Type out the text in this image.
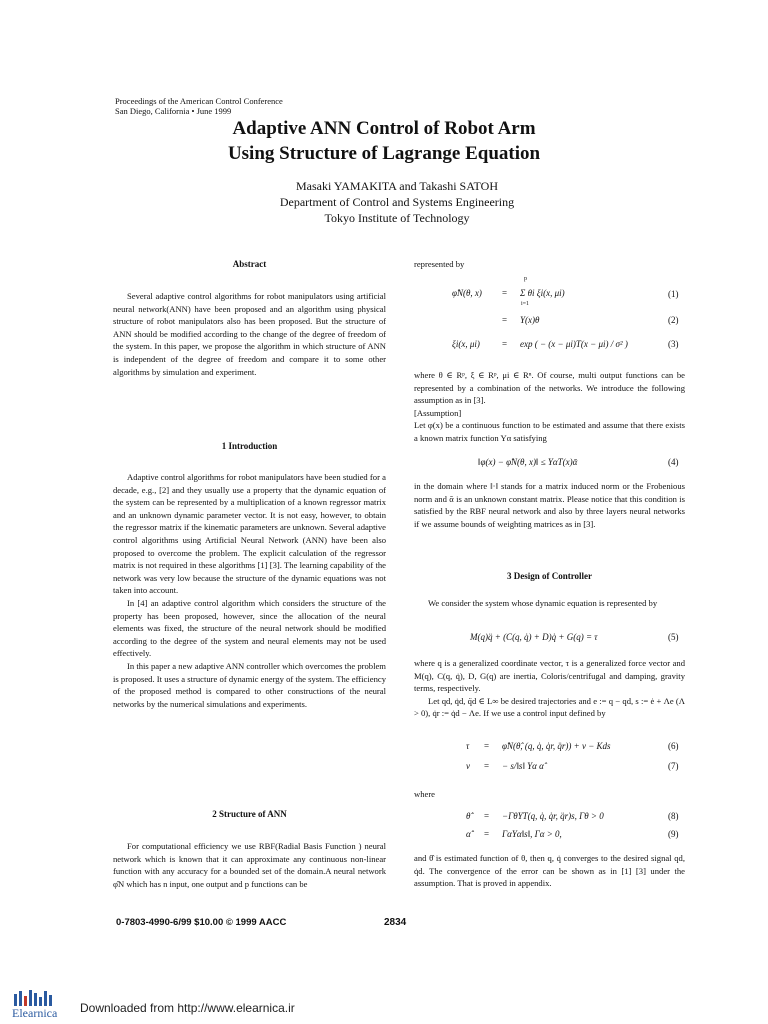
Proceedings of the American Control Conference
San Diego, California • June 1999
Adaptive ANN Control of Robot Arm
Using Structure of Lagrange Equation
Masaki YAMAKITA and Takashi SATOH
Department of Control and Systems Engineering
Tokyo Institute of Technology
Abstract

Several adaptive control algorithms for robot manipulators using artificial neural network(ANN) have been proposed and an algorithm using physical structure of robot manipulators also has been proposed. But the structure of ANN should be modified according to the change of the degree of freedom of the system. In this paper, we propose the algorithm in which structure of ANN is independent of the degree of freedom and compare it to some other algorithms by simulation and experiment.

1 Introduction

Adaptive control algorithms for robot manipulators have been studied for a decade, e.g., [2] and they usually use a property that the dynamic equation of the system can be represented by a multiplication of a known regressor matrix and an unknown dynamic parameter vector. It is not easy, however, to obtain the regressor matrix if the kinematic parameters are unknown. Several adaptive control algorithms using Artificial Neural Network (ANN) have been also proposed to overcome the problem. The explicit calculation of the regressor matrix is not required in these algorithms [1] [3]. The learning capability of the network was very low because the structure of the dynamic equations was not taken into account.

In [4] an adaptive control algorithm which considers the structure of the property has been proposed, however, since the allocation of the neural elements was fixed, the structure of the neural network should be modified according to the degree of the system and neural elements may not be used effectively.

In this paper a new adaptive ANN controller which overcomes the problem is proposed. It uses a structure of dynamic energy of the system. The efficiency of the proposed method is compared to other constructions of the neural networks by the numerical simulations and experiments.

2 Structure of ANN

For computational efficiency we use RBF(Radial Basis Function ) neural network which is known that it can approximate any continuous non-linear function with any accuracy for a bounded set of the domain.A neural network φ̂N which has n input, one output and p functions can be

represented by
φ̂N(θ, x) =
p
i=1
Σ θi ξi(x, μi)	(1)
= Y(x)θ	(2)
ξi(x, μi) = exp ( − (x − μi)T(x − μi) / σ² )	(3)

where θ ∈ Rᵖ, ξ ∈ Rᵖ, μi ∈ Rⁿ. Of course, multi output functions can be represented by a combination of the networks. We introduce the following assumption as in [3].

[Assumption]

Let φ(x) be a continuous function to be estimated and assume that there exists a known matrix function Yα satisfying

‖φ(x) − φ̂N(θ, x)‖ ≤ YαT(x)ᾱ	(4)

in the domain where ‖·‖ stands for a matrix induced norm or the Frobenious norm and ᾱ is an unknown constant matrix. Please notice that this condition is satisfied by the RBF neural network and also by three layers neural networks if we assume bounds of weighting matrices as in [3].

3 Design of Controller

We consider the system whose dynamic equation is represented by

M(q)q̈ + (C(q, q̇) + D)q̇ + G(q) = τ	(5)

where q is a generalized coordinate vector, τ is a generalized force vector and M(q), C(q, q̇), D, G(q) are inertia, Coloris/centrifugal and damping, gravity terms, respectively.

Let qd, q̇d, q̈d ∈ L∞ be desired trajectories and e := q − qd, s := ė + Λe (Λ > 0), q̇r := q̇d − Λe. If we use a control input defined by

τ = φ̂N(θ̂, (q, q̇, q̇r, q̈r)) + v − Kds	(6)
v = − s/‖s‖ Yα α̂	(7)
where
θ̂̇ = −ΓθYT(q, q̇, q̇r, q̈r)s, Γθ > 0	(8)
α̂̇ = ΓαYα‖s‖, Γα > 0,	(9)

and θ̂ is estimated function of θ, then q, q̇ converges to the desired signal qd, q̇d. The convergence of the error can be shown as in [1] [3] under the assumption. That is proved in appendix.

0-7803-4990-6/99 $10.00 © 1999 AACC	2834
Elearnica Downloaded from http://www.elearnica.ir
